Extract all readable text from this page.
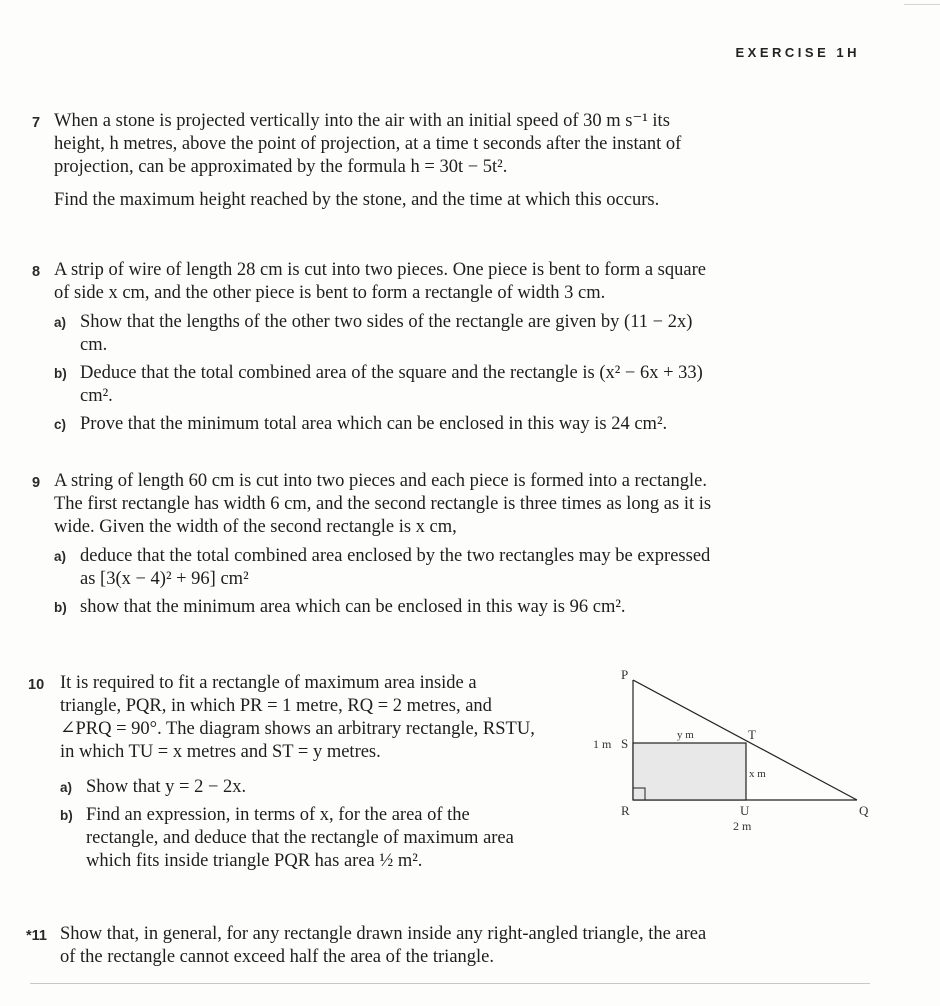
EXERCISE 1H
7 When a stone is projected vertically into the air with an initial speed of 30 m s⁻¹ its height, h metres, above the point of projection, at a time t seconds after the instant of projection, can be approximated by the formula h = 30t − 5t².

Find the maximum height reached by the stone, and the time at which this occurs.

8 A strip of wire of length 28 cm is cut into two pieces. One piece is bent to form a square of side x cm, and the other piece is bent to form a rectangle of width 3 cm.

a) Show that the lengths of the other two sides of the rectangle are given by (11 − 2x) cm.
b) Deduce that the total combined area of the square and the rectangle is (x² − 6x + 33) cm².
c) Prove that the minimum total area which can be enclosed in this way is 24 cm².
9 A string of length 60 cm is cut into two pieces and each piece is formed into a rectangle. The first rectangle has width 6 cm, and the second rectangle is three times as long as it is wide. Given the width of the second rectangle is x cm,

a) deduce that the total combined area enclosed by the two rectangles may be expressed as [3(x − 4)² + 96] cm²
b) show that the minimum area which can be enclosed in this way is 96 cm².
10 It is required to fit a rectangle of maximum area inside a triangle, PQR, in which PR = 1 metre, RQ = 2 metres, and ∠PRQ = 90°. The diagram shows an arbitrary rectangle, RSTU, in which TU = x metres and ST = y metres.

a) Show that y = 2 − 2x.
b) Find an expression, in terms of x, for the area of the rectangle, and deduce that the rectangle of maximum area which fits inside triangle PQR has area ½ m².
P
R
S
T
U	Q
1 m
2 m
y m
x m
*11 Show that, in general, for any rectangle drawn inside any right-angled triangle, the area of the rectangle cannot exceed half the area of the triangle.
